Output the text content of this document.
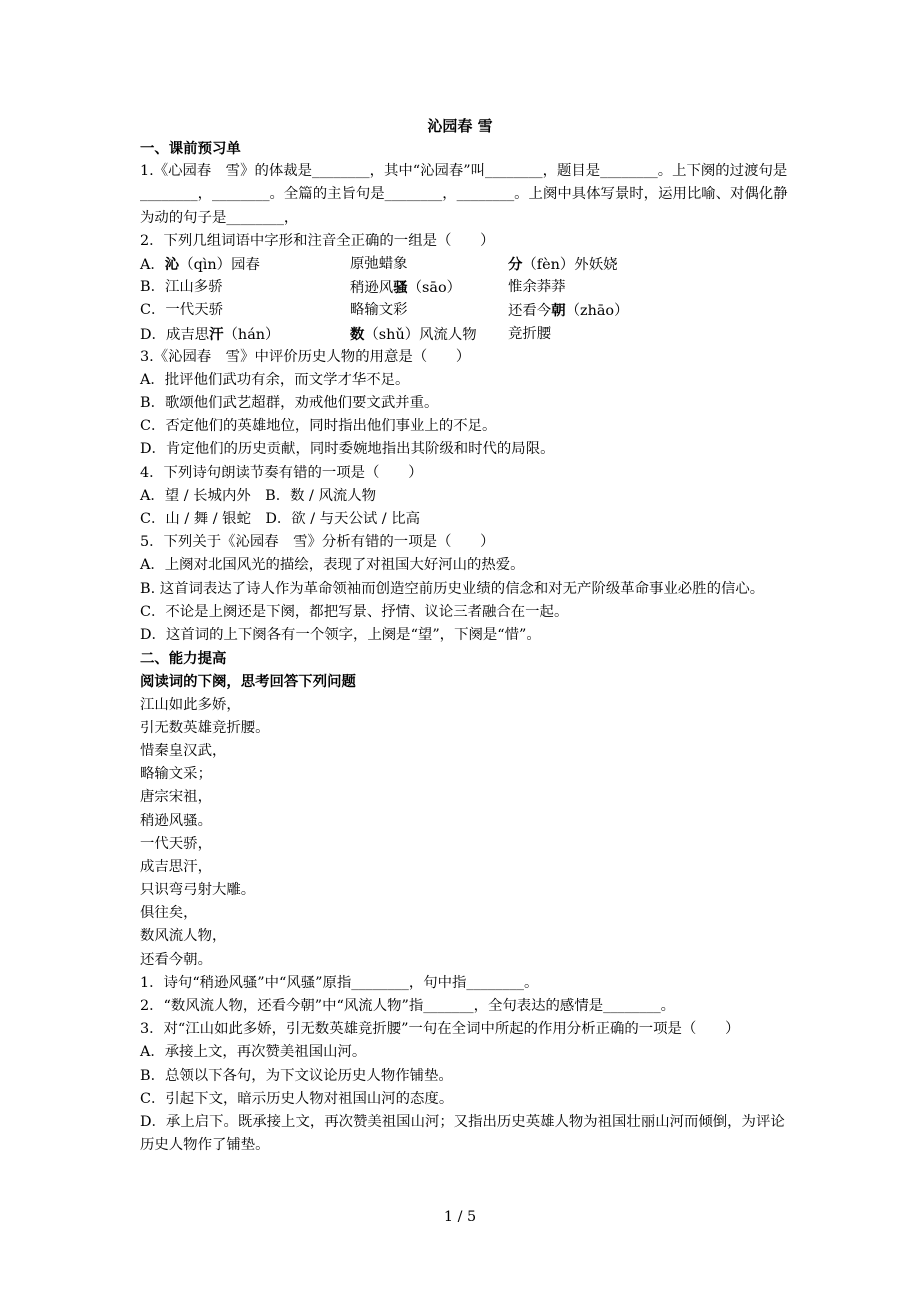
沁园春 雪
一、课前预习单
1.《心园春　雪》的体裁是________，其中“沁园春”叫________，题目是________。上下阕的过渡句是________，________。全篇的主旨句是________，________。上阕中具体写景时，运用比喻、对偶化静为动的句子是________，
2．下列几组词语中字形和注音全正确的一组是（　　）
A．沁（qìn）园春	原弛蜡象	分（fèn）外妖娆
B．江山多骄	稍逊风骚（sāo）	惟余莽莽
C．一代天骄	略输文彩	还看今朝（zhāo）
D．成吉思汗（hán）	数（shǔ）风流人物	竞折腰
3.《沁园春　雪》中评价历史人物的用意是（　　）
A．批评他们武功有余，而文学才华不足。
B．歌颂他们武艺超群，劝戒他们要文武并重。
C．否定他们的英雄地位，同时指出他们事业上的不足。
D．肯定他们的历史贡献，同时委婉地指出其阶级和时代的局限。
4．下列诗句朗读节奏有错的一项是（　　）
A．望 / 长城内外　B．数 / 风流人物
C．山 / 舞 / 银蛇　D．欲 / 与天公试 / 比高
5．下列关于《沁园春　雪》分析有错的一项是（　　）
A．上阕对北国风光的描绘，表现了对祖国大好河山的热爱。
B. 这首词表达了诗人作为革命领袖而创造空前历史业绩的信念和对无产阶级革命事业必胜的信心。
C．不论是上阕还是下阕，都把写景、抒情、议论三者融合在一起。
D．这首词的上下阕各有一个领字，上阕是“望”，下阕是“惜”。
二、能力提高
阅读词的下阕，思考回答下列问题
江山如此多娇，
引无数英雄竞折腰。
惜秦皇汉武，
略输文采；
唐宗宋祖，
稍逊风骚。
一代天骄，
成吉思汗，
只识弯弓射大雕。
俱往矣，
数风流人物，
还看今朝。
1．诗句“稍逊风骚”中“风骚”原指________，句中指________。
2．“数风流人物，还看今朝”中“风流人物”指_______，全句表达的感情是________。
3．对“江山如此多娇，引无数英雄竞折腰”一句在全词中所起的作用分析正确的一项是（　　）
A．承接上文，再次赞美祖国山河。
B．总领以下各句，为下文议论历史人物作铺垫。
C．引起下文，暗示历史人物对祖国山河的态度。
D．承上启下。既承接上文，再次赞美祖国山河；又指出历史英雄人物为祖国壮丽山河而倾倒，为评论历史人物作了铺垫。
1 / 5
